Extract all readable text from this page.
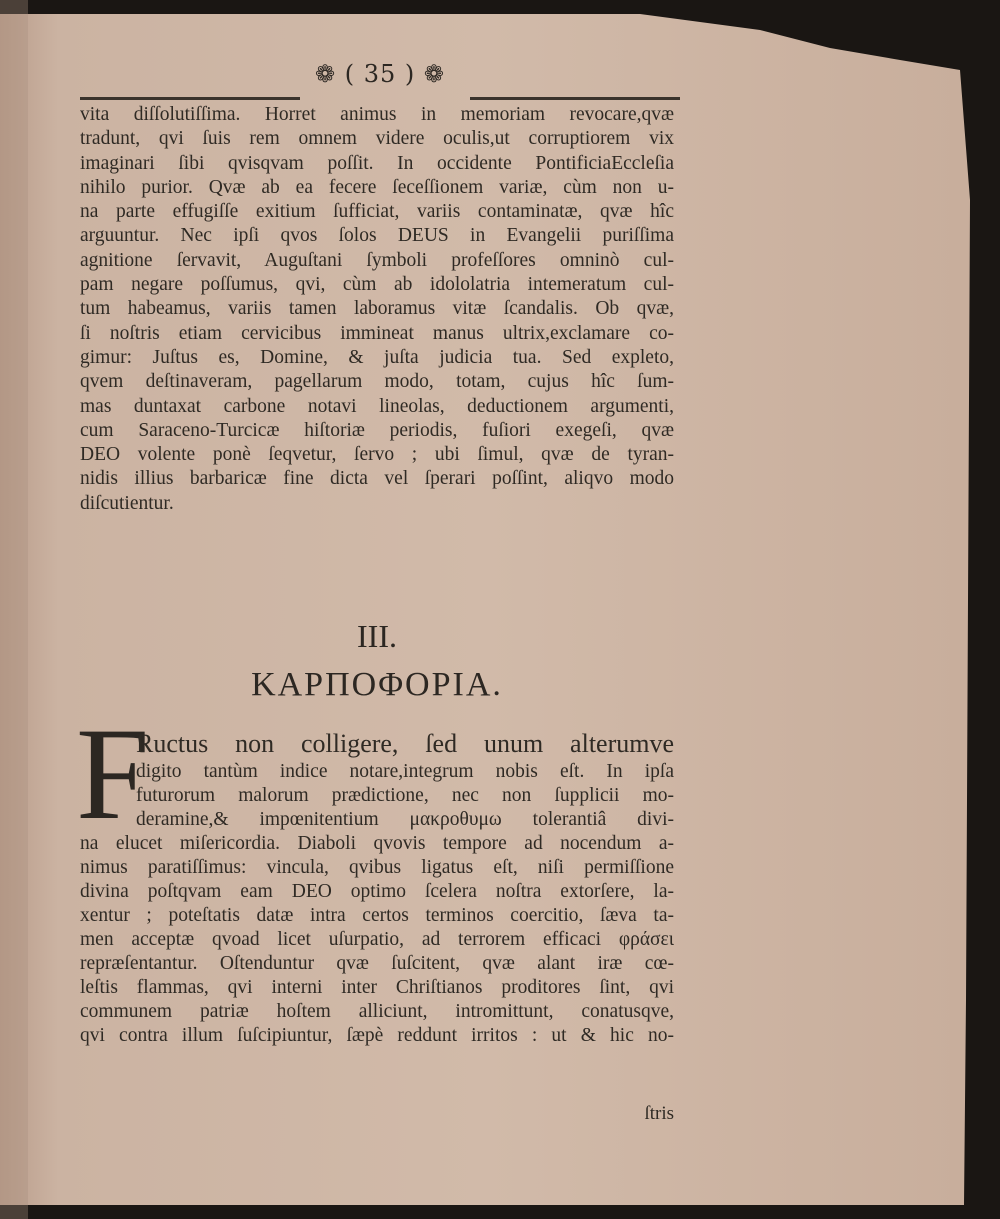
❁ ( 35 ) ❁
vita diſſolutiſſima. Horret animus in memoriam revocare,qvæ
tradunt, qvi ſuis rem omnem videre oculis,ut corruptiorem vix
imaginari ſibi qvisqvam poſſit. In occidente PontificiaEccleſia
nihilo purior. Qvæ ab ea fecere ſeceſſionem variæ, cùm non u-
na parte effugiſſe exitium ſufficiat, variis contaminatæ, qvæ hîc
arguuntur. Nec ipſi qvos ſolos DEUS in Evangelii puriſſima
agnitione ſervavit, Auguſtani ſymboli profeſſores omninò cul-
pam negare poſſumus, qvi, cùm ab idololatria intemeratum cul-
tum habeamus, variis tamen laboramus vitæ ſcandalis. Ob qvæ,
ſi noſtris etiam cervicibus immineat manus ultrix,exclamare co-
gimur: Juſtus es, Domine, & juſta judicia tua. Sed expleto,
qvem deſtinaveram, pagellarum modo, totam, cujus hîc ſum-
mas duntaxat carbone notavi lineolas, deductionem argumenti,
cum Saraceno-Turcicæ hiſtoriæ periodis, fuſiori exegeſi, qvæ
DEO volente ponè ſeqvetur, ſervo ; ubi ſimul, qvæ de tyran-
nidis illius barbaricæ fine dicta vel ſperari poſſint, aliqvo modo
diſcutientur.
III.
ΚΑΡΠΟΦΟΡΙΑ.
F
Ructus non colligere, ſed unum alterumve
digito tantùm indice notare,integrum nobis eſt. In ipſa
futurorum malorum prædictione, nec non ſupplicii mo-
deramine,& impœnitentium μακροθυμω tolerantiâ divi-
na elucet miſericordia. Diaboli qvovis tempore ad nocendum a-
nimus paratiſſimus: vincula, qvibus ligatus eſt, niſi permiſſione
divina poſtqvam eam DEO optimo ſcelera noſtra extorſere, la-
xentur ; poteſtatis datæ intra certos terminos coercitio, ſæva ta-
men acceptæ qvoad licet uſurpatio, ad terrorem efficaci φράσει
repræſentantur. Oſtenduntur qvæ ſuſcitent, qvæ alant iræ cœ-
leſtis flammas, qvi interni inter Chriſtianos proditores ſint, qvi
communem patriæ hoſtem alliciunt, intromittunt, conatusqve,
qvi contra illum ſuſcipiuntur, ſæpè reddunt irritos : ut & hic no-
ſtris
